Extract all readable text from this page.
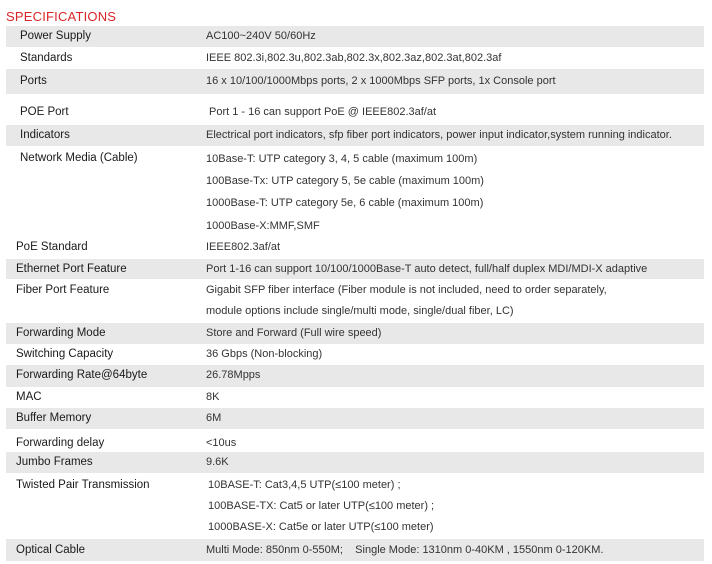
SPECIFICATIONS
Power Supply	AC100~240V 50/60Hz
Standards	IEEE 802.3i,802.3u,802.3ab,802.3x,802.3az,802.3at,802.3af
Ports	16 x 10/100/1000Mbps ports, 2 x 1000Mbps SFP ports, 1x Console port
POE Port	Port 1 - 16 can support PoE @ IEEE802.3af/at
Indicators	Electrical port indicators, sfp fiber port indicators, power input indicator,system running indicator.
Network Media (Cable)	10Base-T: UTP category 3, 4, 5 cable (maximum 100m)
100Base-Tx: UTP category 5, 5e cable (maximum 100m)
1000Base-T: UTP category 5e, 6 cable (maximum 100m)
1000Base-X:MMF,SMF
PoE Standard	IEEE802.3af/at
Ethernet Port Feature	Port 1-16 can support 10/100/1000Base-T auto detect, full/half duplex MDI/MDI-X adaptive
Fiber Port Feature	Gigabit SFP fiber interface (Fiber module is not included, need to order separately,
module options include single/multi mode, single/dual fiber, LC)
Forwarding Mode	Store and Forward (Full wire speed)
Switching Capacity	36 Gbps (Non-blocking)
Forwarding Rate@64byte	26.78Mpps
MAC	8K
Buffer Memory	6M
Forwarding delay	<10us
Jumbo Frames	9.6K
Twisted Pair Transmission	10BASE-T: Cat3,4,5 UTP(≤100 meter) ;
100BASE-TX: Cat5 or later UTP(≤100 meter) ;
1000BASE-X: Cat5e or later UTP(≤100 meter)
Optical Cable	Multi Mode: 850nm 0-550M;    Single Mode: 1310nm 0-40KM , 1550nm 0-120KM.
